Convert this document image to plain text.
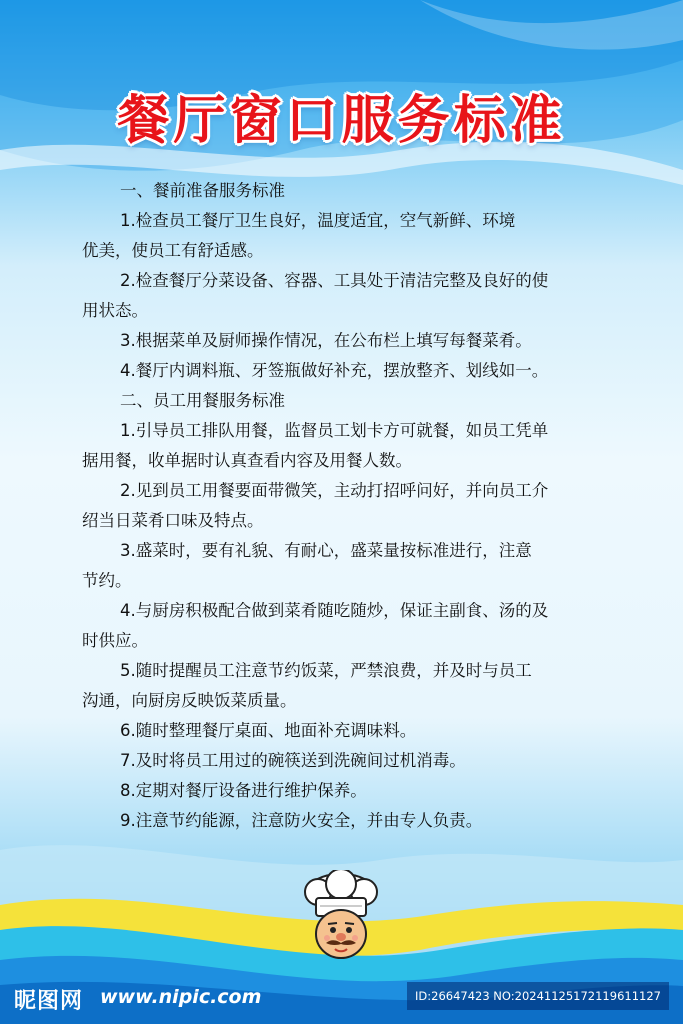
餐厅窗口服务标准
一、餐前准备服务标准
1.检查员工餐厅卫生良好，温度适宜，空气新鲜、环境
优美，使员工有舒适感。
2.检查餐厅分菜设备、容器、工具处于清洁完整及良好的使
用状态。
3.根据菜单及厨师操作情况，在公布栏上填写每餐菜肴。
4.餐厅内调料瓶、牙签瓶做好补充，摆放整齐、划线如一。
二、员工用餐服务标准
1.引导员工排队用餐，监督员工划卡方可就餐，如员工凭单
据用餐，收单据时认真查看内容及用餐人数。
2.见到员工用餐要面带微笑，主动打招呼问好，并向员工介
绍当日菜肴口味及特点。
3.盛菜时，要有礼貌、有耐心，盛菜量按标准进行，注意
节约。
4.与厨房积极配合做到菜肴随吃随炒，保证主副食、汤的及
时供应。
5.随时提醒员工注意节约饭菜，严禁浪费，并及时与员工
沟通，向厨房反映饭菜质量。
6.随时整理餐厅桌面、地面补充调味料。
7.及时将员工用过的碗筷送到洗碗间过机消毒。
8.定期对餐厅设备进行维护保养。
9.注意节约能源，注意防火安全，并由专人负责。
昵图网 www.nipic.com	ID:26647423 NO:20241125172119611127
